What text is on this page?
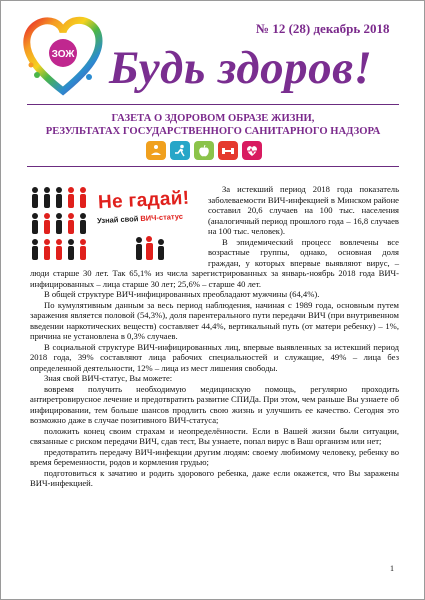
ЗОЖ
№ 12 (28) декабрь 2018
Будь здоров!
ГАЗЕТА О ЗДОРОВОМ ОБРАЗЕ ЖИЗНИ,
РЕЗУЛЬТАТАХ ГОСУДАРСТВЕННОГО САНИТАРНОГО НАДЗОРА

За истекший период 2018 года показатель заболеваемости ВИЧ-инфекцией в Минском районе составил 20,6 случаев на 100 тыс. населения (аналогичный период прошлого года – 16,8 случаев на 100 тыс. человек).

В эпидемический процесс вовлечены все возрастные группы, однако, основная доля граждан, у которых впервые выявляют вирус, – люди старше 30 лет. Так 65,1% из числа зарегистрированных за январь-ноябрь 2018 года ВИЧ-инфицированных – лица старше 30 лет; 25,6% – старше 40 лет.

В общей структуре ВИЧ-инфицированных преобладают мужчины (64,4%).

По кумулятивным данным за весь период наблюдения, начиная с 1989 года, основным путем заражения является половой (54,3%), доля парентерального пути передачи ВИЧ (при внутривенном введении наркотических веществ) составляет 44,4%, вертикальный путь (от матери ребенку) – 1%, причина не установлена в 0,3% случаев.

В социальной структуре ВИЧ-инфицированных лиц, впервые выявленных за истекший период 2018 года, 39% составляют лица рабочих специальностей и служащие, 49% – лица без определенной деятельности, 12% – лица из мест лишения свободы.

Зная свой ВИЧ-статус, Вы можете:

вовремя получить необходимую медицинскую помощь, регулярно проходить антиретровирусное лечение и предотвратить развитие СПИДа. При этом, чем раньше Вы узнаете об инфицировании, тем больше шансов продлить свою жизнь и улучшить ее качество. Сегодня это возможно даже в случае позитивного ВИЧ-статуса;

положить конец своим страхам и неопределённости. Если в Вашей жизни были ситуации, связанные с риском передачи ВИЧ, сдав тест, Вы узнаете, попал вирус в Ваш организм или нет;

предотвратить передачу ВИЧ-инфекции другим людям: своему любимому человеку, ребенку во время беременности, родов и кормления грудью;

подготовиться к зачатию и родить здорового ребенка, даже если окажется, что Вы заражены ВИЧ-инфекцией.

Не гадай!
Узнай свой ВИЧ-статус
1
